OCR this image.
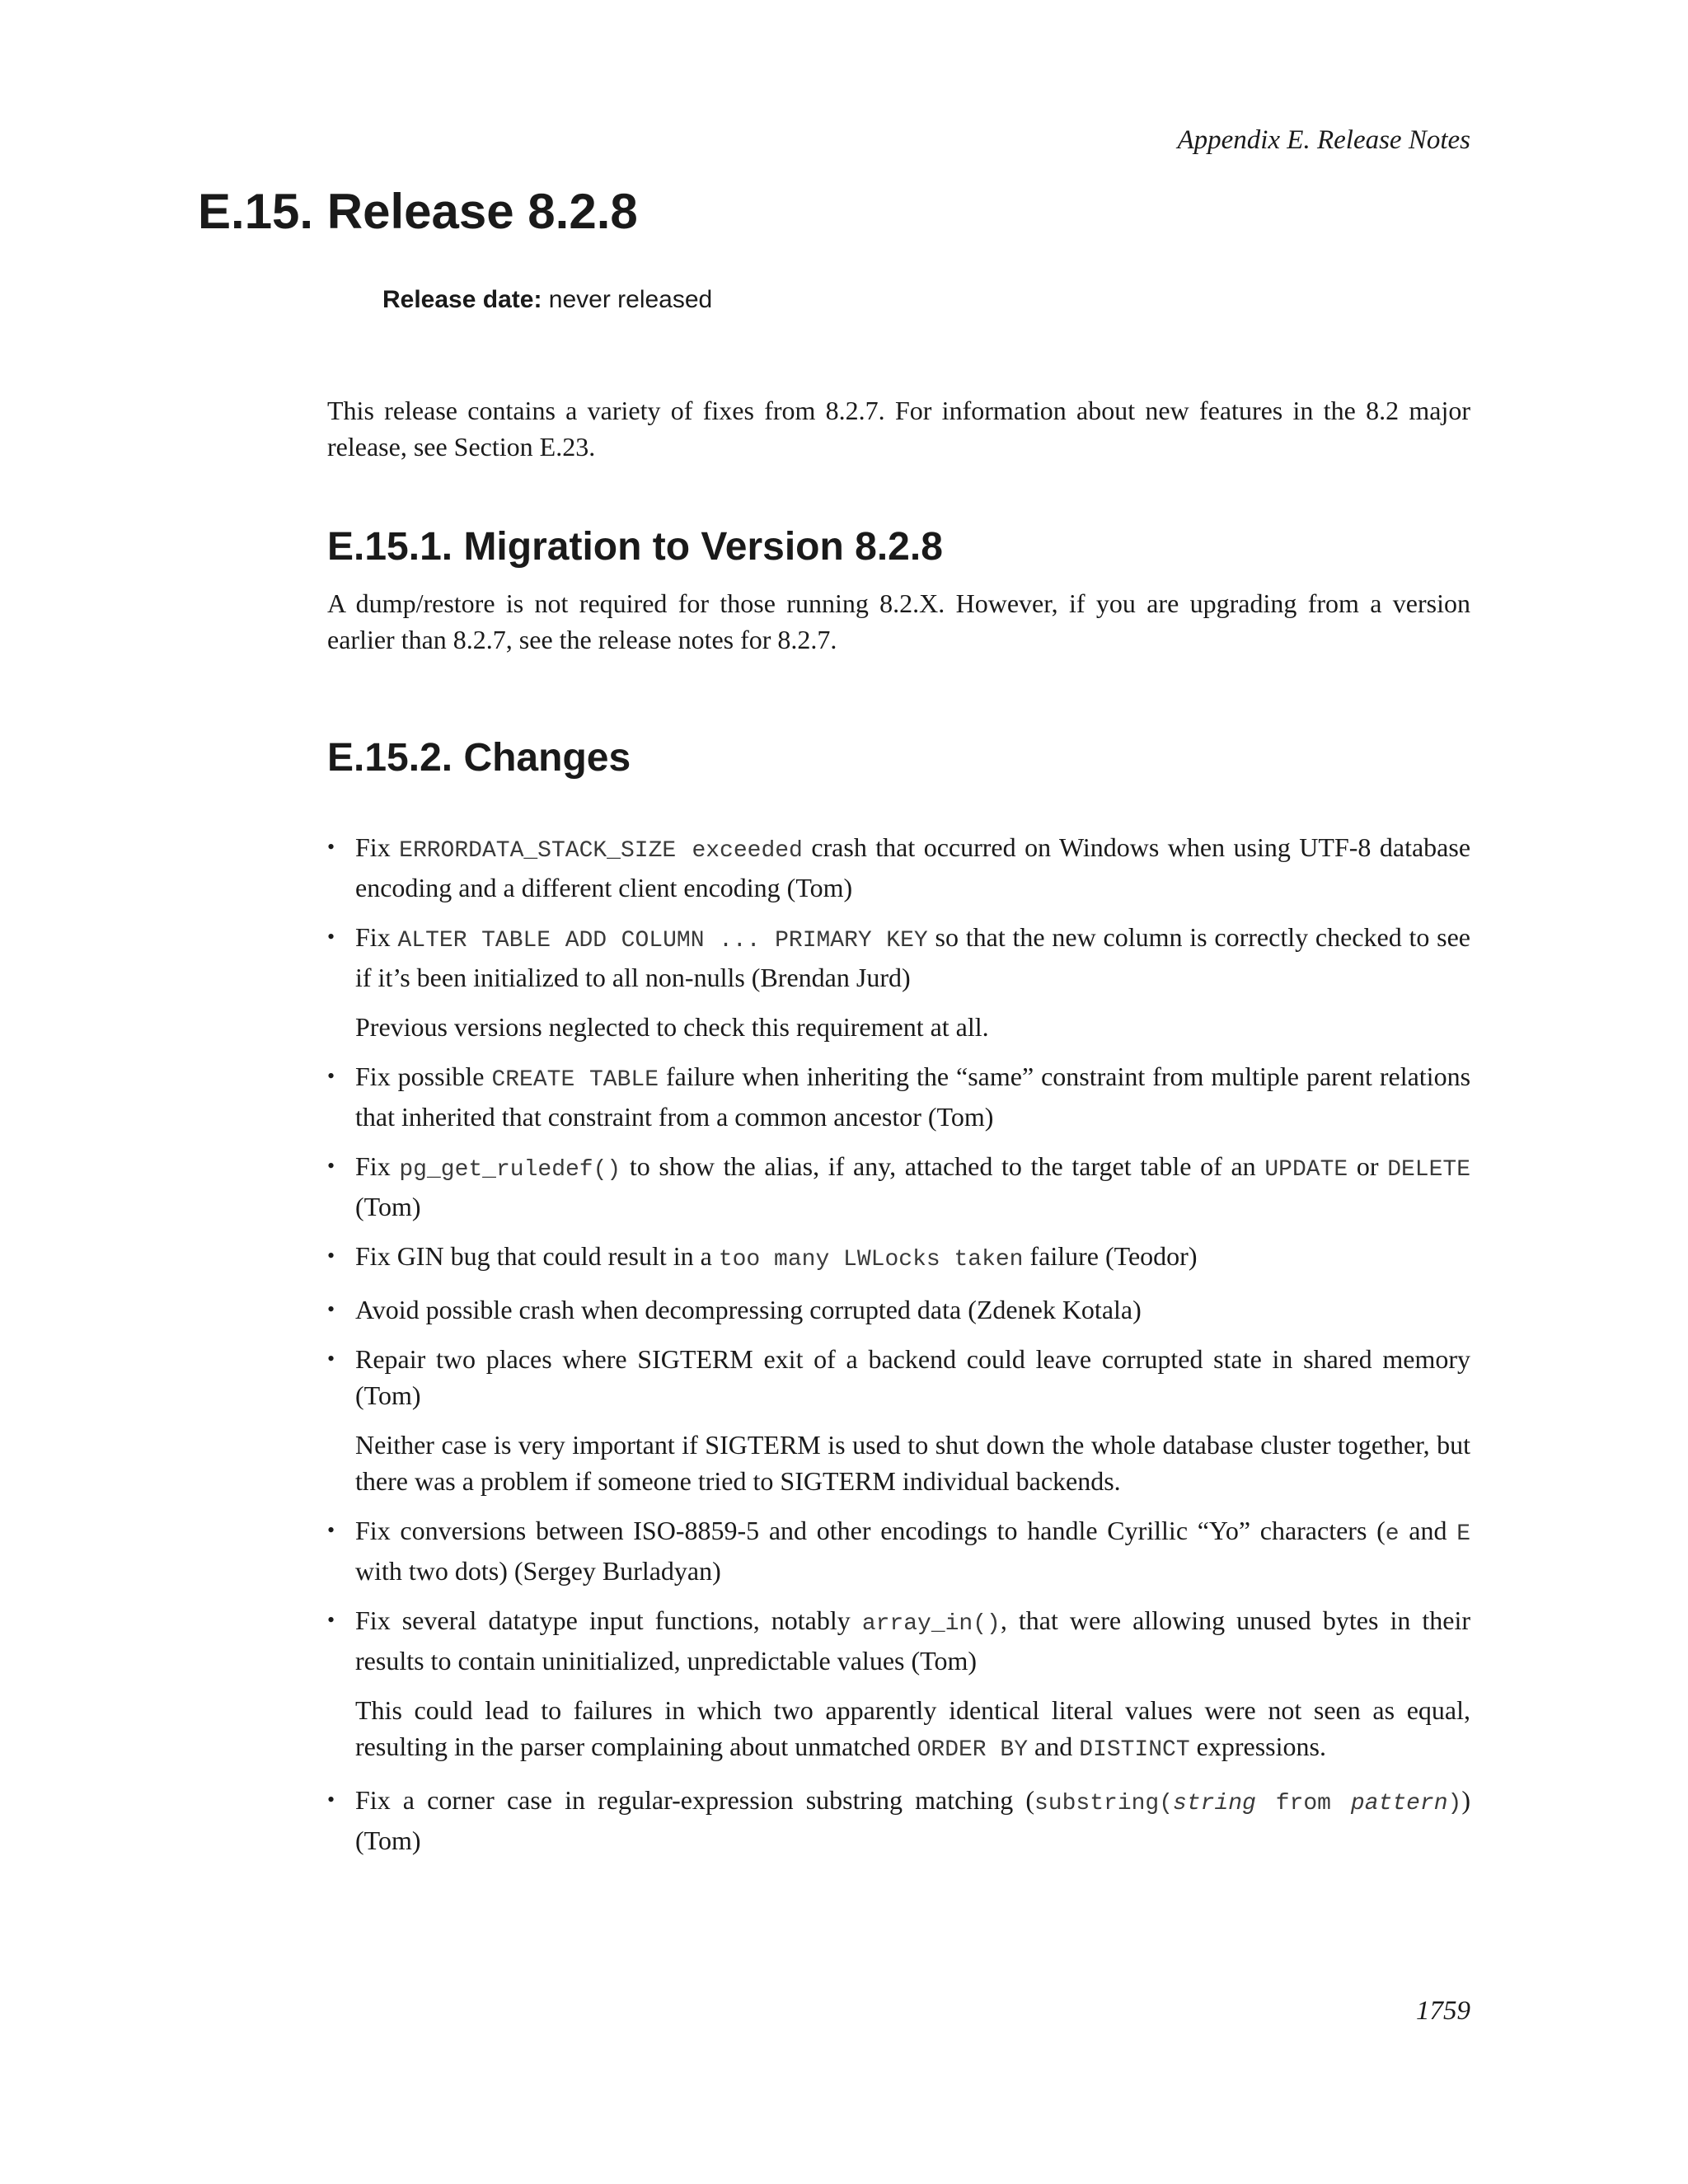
Appendix E. Release Notes
E.15. Release 8.2.8
Release date: never released

This release contains a variety of fixes from 8.2.7. For information about new features in the 8.2 major release, see Section E.23.

E.15.1. Migration to Version 8.2.8

A dump/restore is not required for those running 8.2.X. However, if you are upgrading from a version earlier than 8.2.7, see the release notes for 8.2.7.

E.15.2. Changes

• Fix ERRORDATA_STACK_SIZE exceeded crash that occurred on Windows when using UTF-8 database encoding and a different client encoding (Tom)

• Fix ALTER TABLE ADD COLUMN ... PRIMARY KEY so that the new column is correctly checked to see if it’s been initialized to all non-nulls (Brendan Jurd)

Previous versions neglected to check this requirement at all.

• Fix possible CREATE TABLE failure when inheriting the “same” constraint from multiple parent relations that inherited that constraint from a common ancestor (Tom)

• Fix pg_get_ruledef() to show the alias, if any, attached to the target table of an UPDATE or DELETE (Tom)

• Fix GIN bug that could result in a too many LWLocks taken failure (Teodor)

• Avoid possible crash when decompressing corrupted data (Zdenek Kotala)

• Repair two places where SIGTERM exit of a backend could leave corrupted state in shared memory (Tom)

Neither case is very important if SIGTERM is used to shut down the whole database cluster together, but there was a problem if someone tried to SIGTERM individual backends.

• Fix conversions between ISO-8859-5 and other encodings to handle Cyrillic “Yo” characters (e and E with two dots) (Sergey Burladyan)

• Fix several datatype input functions, notably array_in(), that were allowing unused bytes in their results to contain uninitialized, unpredictable values (Tom)

This could lead to failures in which two apparently identical literal values were not seen as equal, resulting in the parser complaining about unmatched ORDER BY and DISTINCT expressions.

• Fix a corner case in regular-expression substring matching (substring(string from pattern)) (Tom)

1759
